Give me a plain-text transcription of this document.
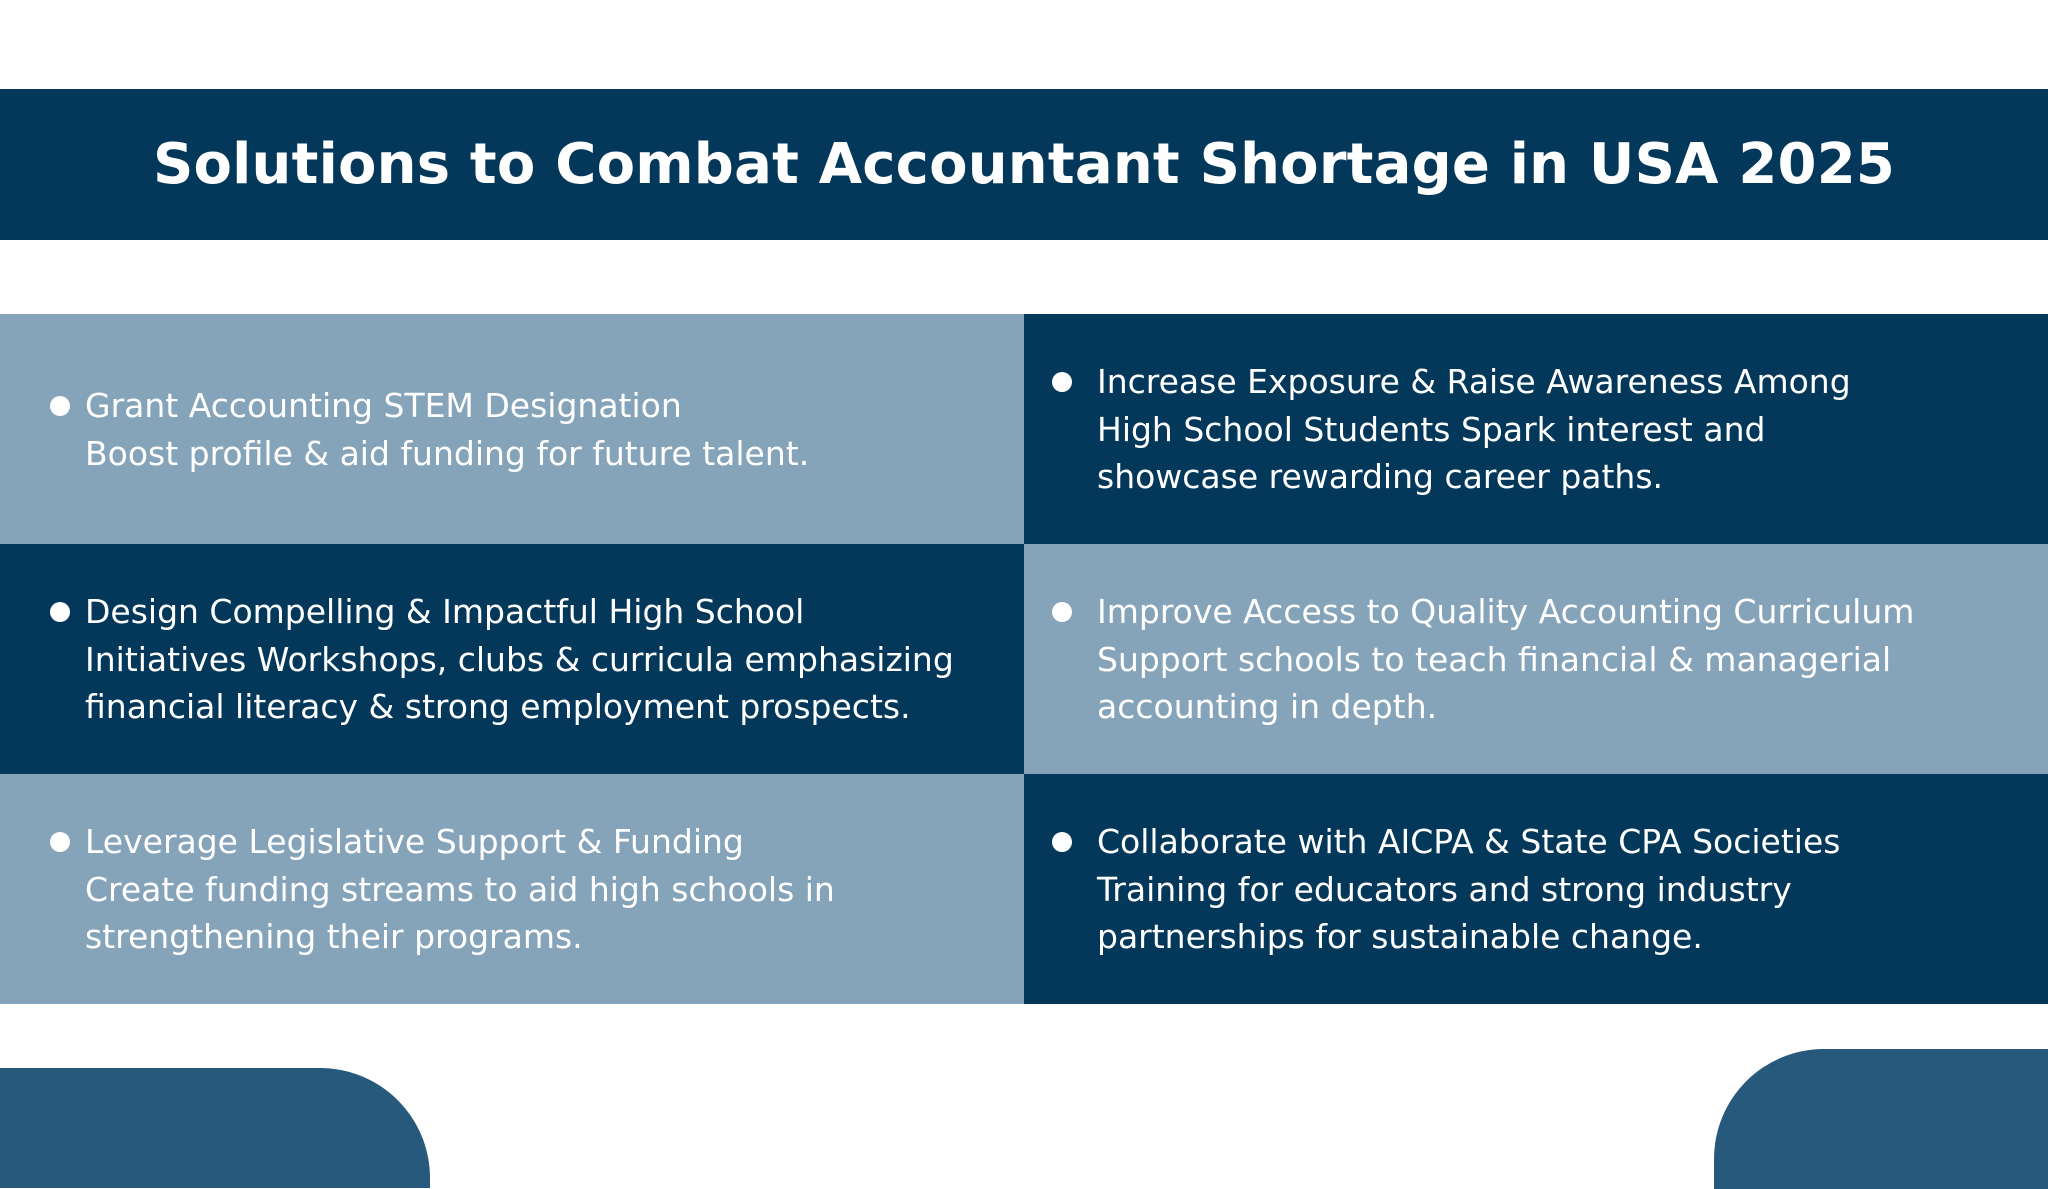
Solutions to Combat Accountant Shortage in USA 2025
Grant Accounting STEM Designation
Boost profile & aid funding for future talent.
Increase Exposure & Raise Awareness Among
High School Students Spark interest and
showcase rewarding career paths.
Design Compelling & Impactful High School
Initiatives Workshops, clubs & curricula emphasizing
financial literacy & strong employment prospects.
Improve Access to Quality Accounting Curriculum
Support schools to teach financial & managerial
accounting in depth.
Leverage Legislative Support & Funding
Create funding streams to aid high schools in
strengthening their programs.
Collaborate with AICPA & State CPA Societies
Training for educators and strong industry
partnerships for sustainable change.
